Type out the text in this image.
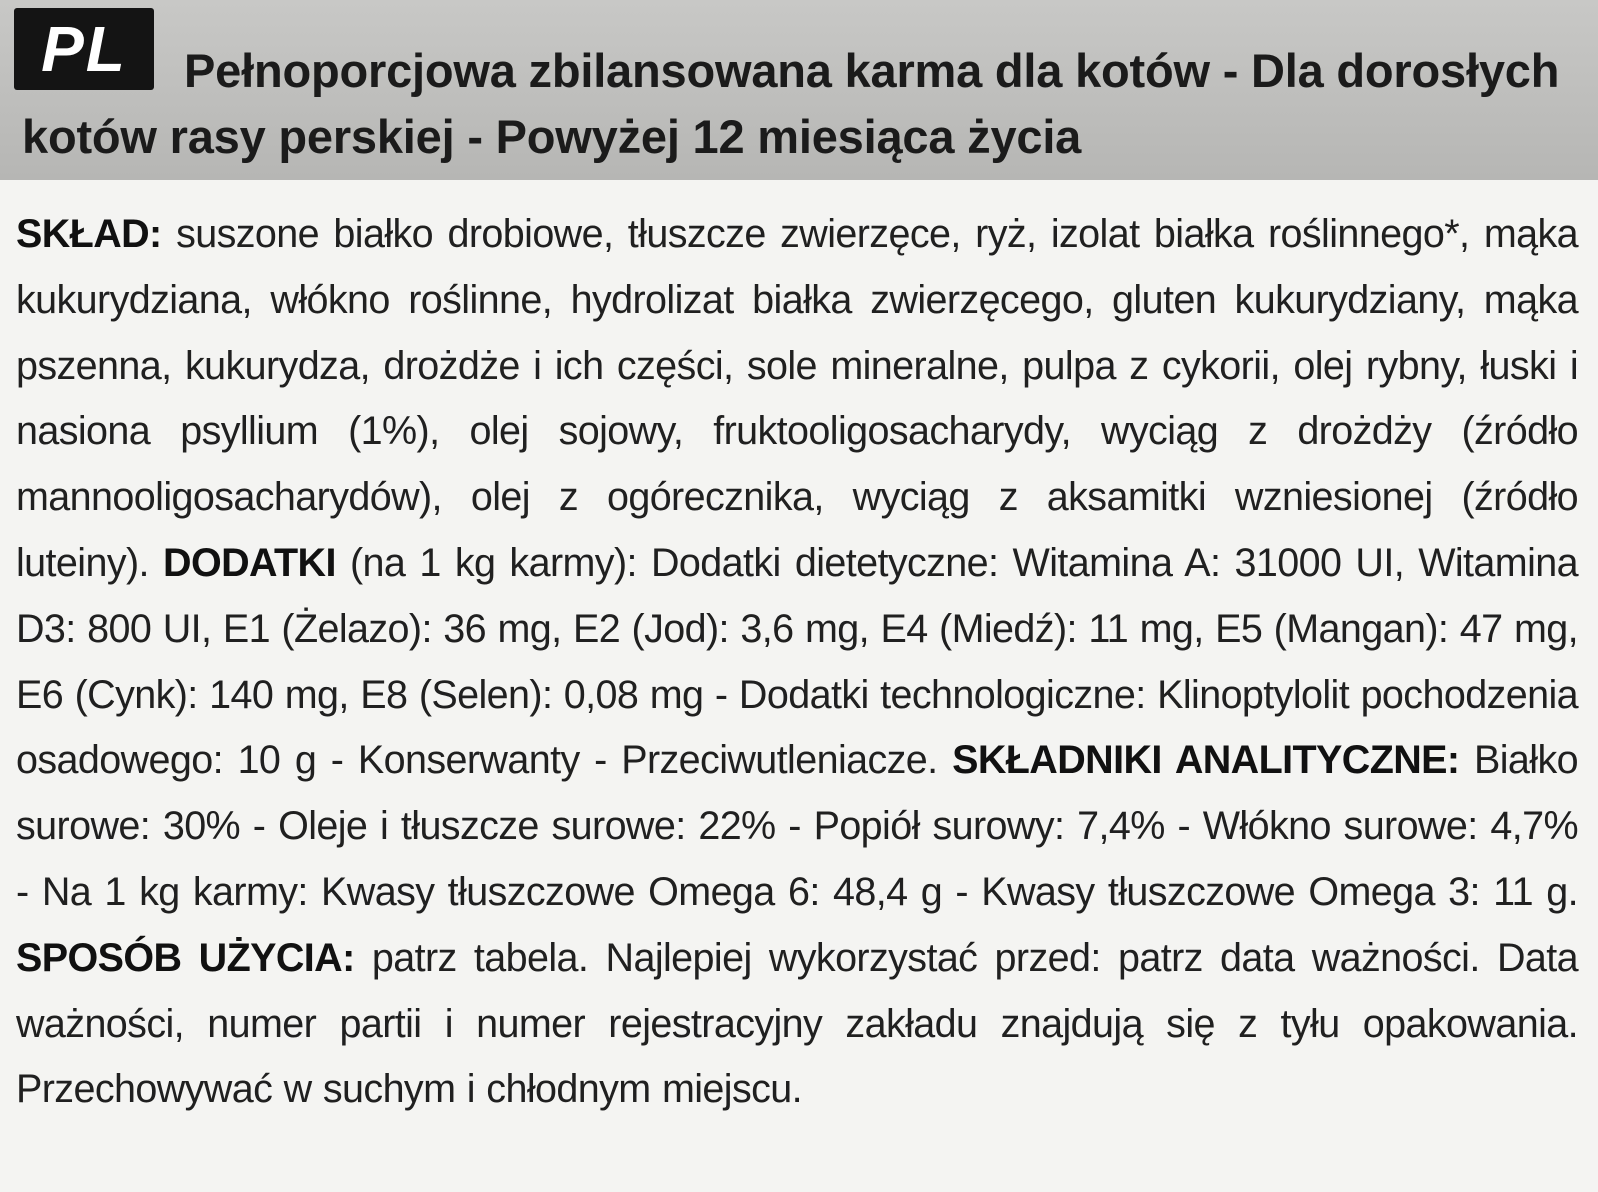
PL	Pełnoporcjowa zbilansowana karma dla kotów - Dla dorosłych kotów rasy perskiej - Powyżej 12 miesiąca życia

SKŁAD: suszone białko drobiowe, tłuszcze zwierzęce, ryż, izolat białka roślinnego*, mąka kukurydziana, włókno roślinne, hydrolizat białka zwierzęcego, gluten kukurydziany, mąka pszenna, kukurydza, drożdże i ich części, sole mineralne, pulpa z cykorii, olej rybny, łuski i nasiona psyllium (1%), olej sojowy, fruktooligosacharydy, wyciąg z drożdży (źródło mannooligosacharydów), olej z ogórecznika, wyciąg z aksamitki wzniesionej (źródło luteiny). DODATKI (na 1 kg karmy): Dodatki dietetyczne: Witamina A: 31000 UI, Witamina D3: 800 UI, E1 (Żelazo): 36 mg, E2 (Jod): 3,6 mg, E4 (Miedź): 11 mg, E5 (Mangan): 47 mg, E6 (Cynk): 140 mg, E8 (Selen): 0,08 mg - Dodatki technologiczne: Klinoptylolit pochodzenia osadowego: 10 g - Konserwanty - Przeciwutleniacze. SKŁADNIKI ANALITYCZNE: Białko surowe: 30% - Oleje i tłuszcze surowe: 22% - Popiół surowy: 7,4% - Włókno surowe: 4,7% - Na 1 kg karmy: Kwasy tłuszczowe Omega 6: 48,4 g - Kwasy tłuszczowe Omega 3: 11 g. SPOSÓB UŻYCIA: patrz tabela. Najlepiej wykorzystać przed: patrz data ważności. Data ważności, numer partii i numer rejestracyjny zakładu znajdują się z tyłu opakowania. Przechowywać w suchym i chłodnym miejscu.
